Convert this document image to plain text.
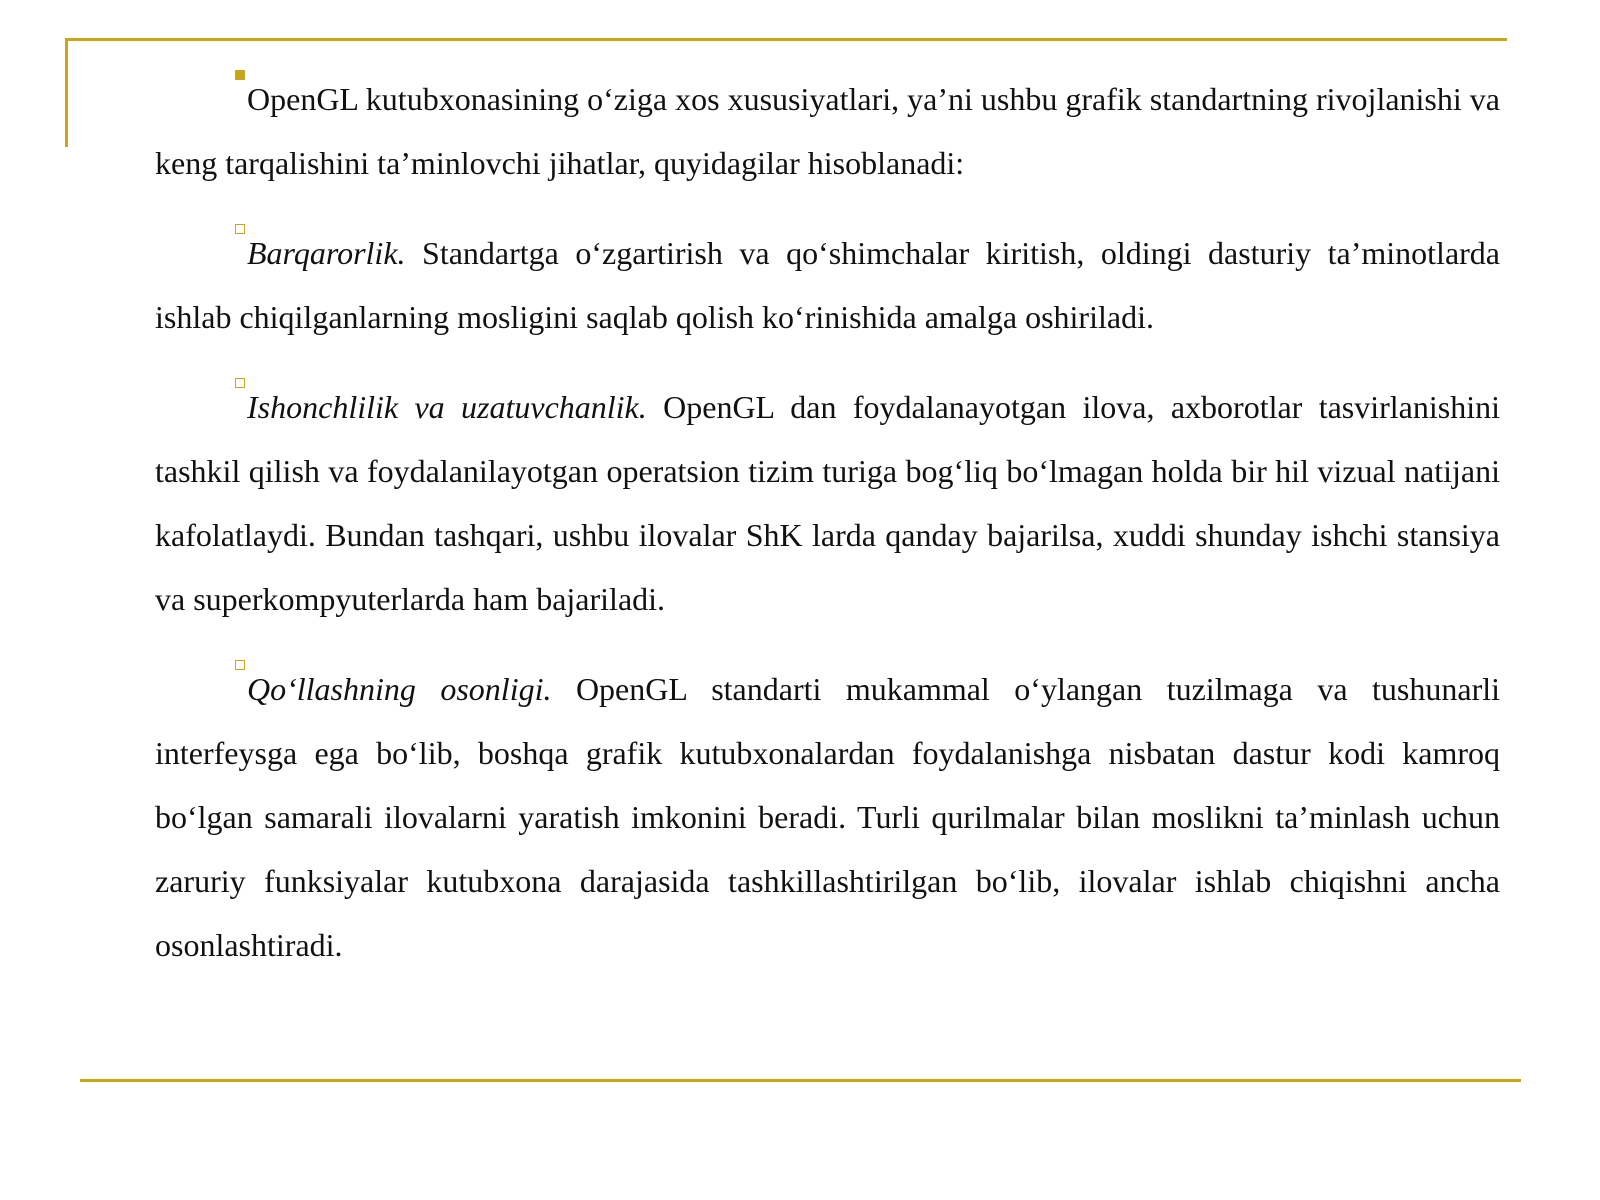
OpenGL kutubxonasining o‘ziga xos xususiyatlari, ya’ni ushbu grafik standartning rivojlanishi va keng tarqalishini ta’minlovchi jihatlar, quyidagilar hisoblanadi:

Barqarorlik. Standartga o‘zgartirish va qo‘shimchalar kiritish, oldingi dasturiy ta’minotlarda ishlab chiqilganlarning mosligini saqlab qolish ko‘rinishida amalga oshiriladi.

Ishonchlilik va uzatuvchanlik. OpenGL dan foydalanayotgan ilova, axborotlar tasvirlanishini tashkil qilish va foydalanilayotgan operatsion tizim turiga bog‘liq bo‘lmagan holda bir hil vizual natijani kafolatlaydi. Bundan tashqari, ushbu ilovalar ShK larda qanday bajarilsa, xuddi shunday ishchi stansiya va superkompyuterlarda ham bajariladi.

Qo‘llashning osonligi. OpenGL standarti mukammal o‘ylangan tuzilmaga va tushunarli interfeysga ega bo‘lib, boshqa grafik kutubxonalardan foydalanishga nisbatan dastur kodi kamroq bo‘lgan samarali ilovalarni yaratish imkonini beradi. Turli qurilmalar bilan moslikni ta’minlash uchun zaruriy funksiyalar kutubxona darajasida tashkillashtirilgan bo‘lib, ilovalar ishlab chiqishni ancha osonlashtiradi.
